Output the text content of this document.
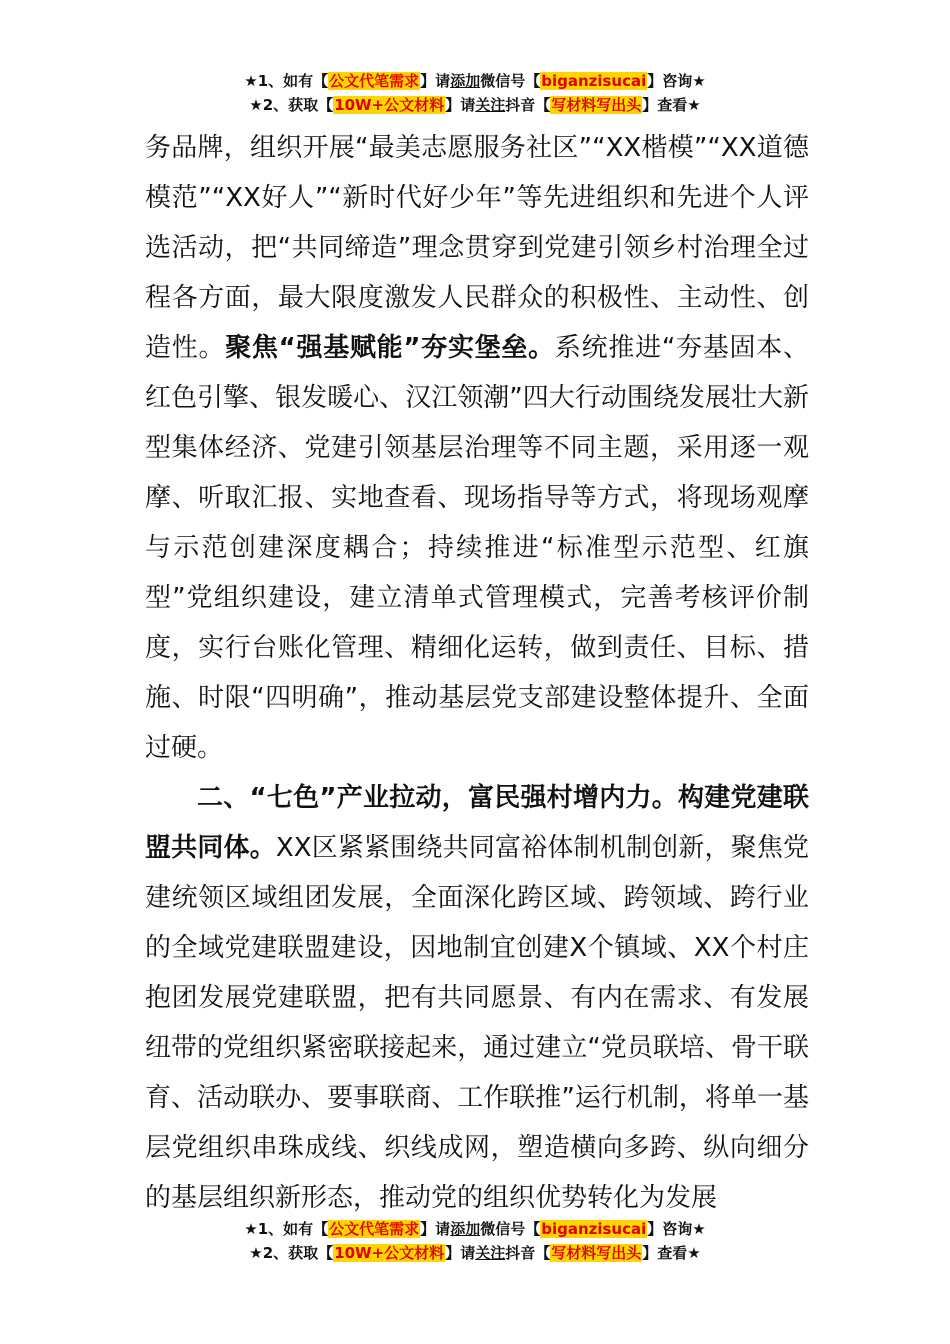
★1、如有【公文代笔需求】请添加微信号【biganzisucai】咨询★
★2、获取【10W+公文材料】请关注抖音【写材料写出头】查看★

务品牌，组织开展“最美志愿服务社区”“XX楷模”“XX道德模范”“XX好人”“新时代好少年”等先进组织和先进个人评选活动，把“共同缔造”理念贯穿到党建引领乡村治理全过程各方面，最大限度激发人民群众的积极性、主动性、创造性。聚焦“强基赋能”夯实堡垒。系统推进“夯基固本、红色引擎、银发暖心、汉江领潮”四大行动围绕发展壮大新型集体经济、党建引领基层治理等不同主题，采用逐一观摩、听取汇报、实地查看、现场指导等方式，将现场观摩与示范创建深度耦合；持续推进“标准型示范型、红旗型”党组织建设，建立清单式管理模式，完善考核评价制度，实行台账化管理、精细化运转，做到责任、目标、措施、时限“四明确”，推动基层党支部建设整体提升、全面过硬。

二、“七色”产业拉动，富民强村增内力。构建党建联盟共同体。XX区紧紧围绕共同富裕体制机制创新，聚焦党建统领区域组团发展，全面深化跨区域、跨领域、跨行业的全域党建联盟建设，因地制宜创建X个镇域、XX个村庄抱团发展党建联盟，把有共同愿景、有内在需求、有发展纽带的党组织紧密联接起来，通过建立“党员联培、骨干联育、活动联办、要事联商、工作联推”运行机制，将单一基层党组织串珠成线、织线成网，塑造横向多跨、纵向细分的基层组织新形态，推动党的组织优势转化为发展

★1、如有【公文代笔需求】请添加微信号【biganzisucai】咨询★
★2、获取【10W+公文材料】请关注抖音【写材料写出头】查看★
